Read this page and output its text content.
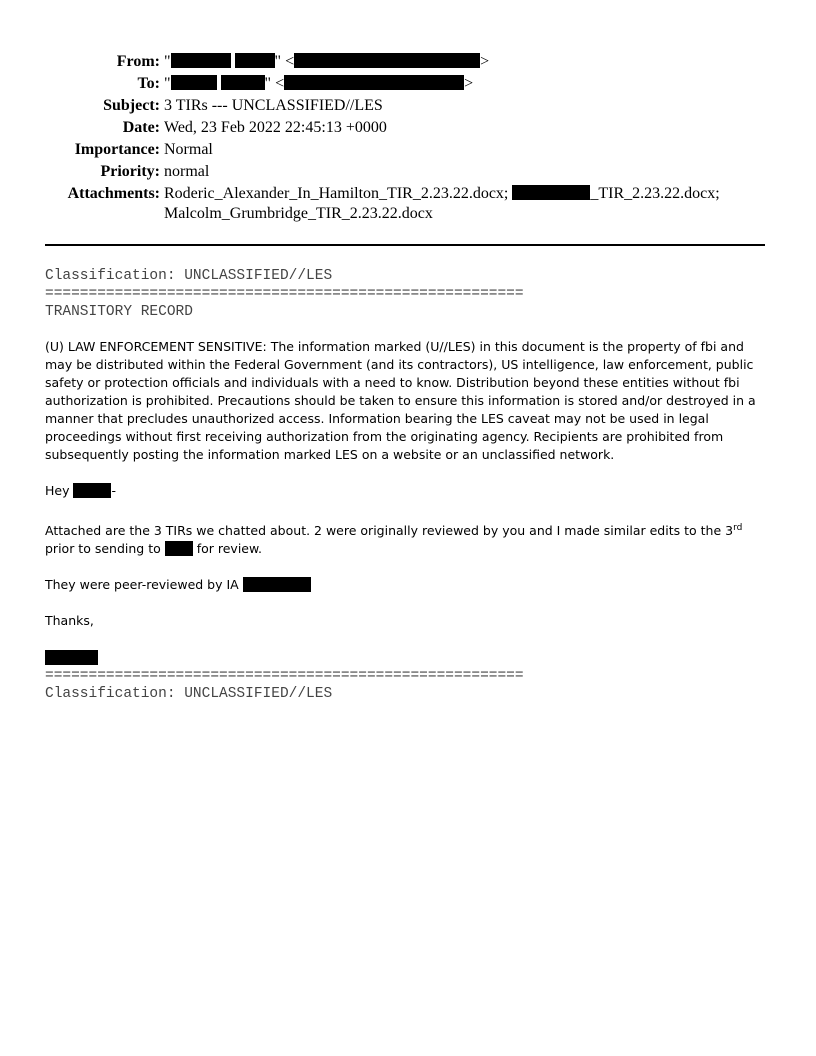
From: "	" <	>
To: "	" <	>
Subject: 3 TIRs --- UNCLASSIFIED//LES
Date: Wed, 23 Feb 2022 22:45:13 +0000
Importance: Normal
Priority: normal
Attachments: Roderic_Alexander_In_Hamilton_TIR_2.23.22.docx;	_TIR_2.23.22.docx;
Malcolm_Grumbridge_TIR_2.23.22.docx
Classification: UNCLASSIFIED//LES
=======================================================
TRANSITORY RECORD
(U) LAW ENFORCEMENT SENSITIVE: The information marked (U//LES) in this document is the property of fbi and may be distributed within the Federal Government (and its contractors), US intelligence, law enforcement, public safety or protection officials and individuals with a need to know. Distribution beyond these entities without fbi authorization is prohibited. Precautions should be taken to ensure this information is stored and/or destroyed in a manner that precludes unauthorized access. Information bearing the LES caveat may not be used in legal proceedings without first receiving authorization from the originating agency. Recipients are prohibited from subsequently posting the information marked LES on a website or an unclassified network.
Hey	-
Attached are the 3 TIRs we chatted about. 2 were originally reviewed by you and I made similar edits to the 3rd prior to sending to	for review.
They were peer-reviewed by IA
Thanks,
=======================================================
Classification: UNCLASSIFIED//LES
